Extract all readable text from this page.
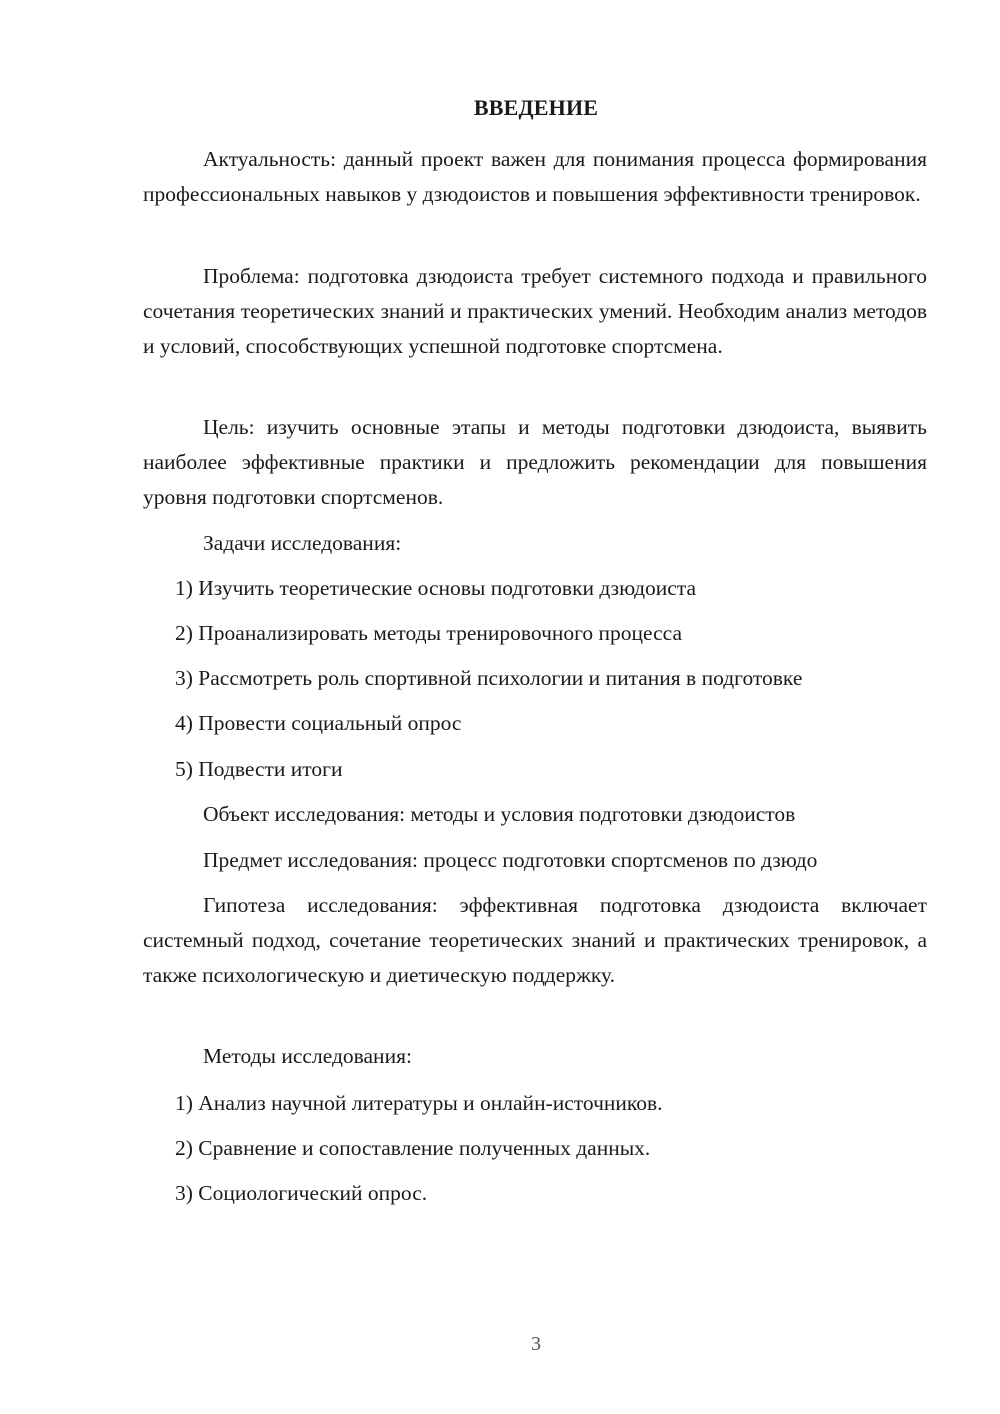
ВВЕДЕНИЕ

Актуальность: данный проект важен для понимания процесса формирования профессиональных навыков у дзюдоистов и повышения эффективности тренировок.

Проблема: подготовка дзюдоиста требует системного подхода и правильного сочетания теоретических знаний и практических умений. Необходим анализ методов и условий, способствующих успешной подготовке спортсмена.

Цель: изучить основные этапы и методы подготовки дзюдоиста, выявить наиболее эффективные практики и предложить рекомендации для повышения уровня подготовки спортсменов.

Задачи исследования:

1) Изучить теоретические основы подготовки дзюдоиста

2) Проанализировать методы тренировочного процесса

3) Рассмотреть роль спортивной психологии и питания в подготовке

4) Провести социальный опрос

5) Подвести итоги

Объект исследования: методы и условия подготовки дзюдоистов

Предмет исследования: процесс подготовки спортсменов по дзюдо

Гипотеза исследования: эффективная подготовка дзюдоиста включает системный подход, сочетание теоретических знаний и практических тренировок, а также психологическую и диетическую поддержку.

Методы исследования:

1) Анализ научной литературы и онлайн-источников.

2) Сравнение и сопоставление полученных данных.

3) Социологический опрос.

3
